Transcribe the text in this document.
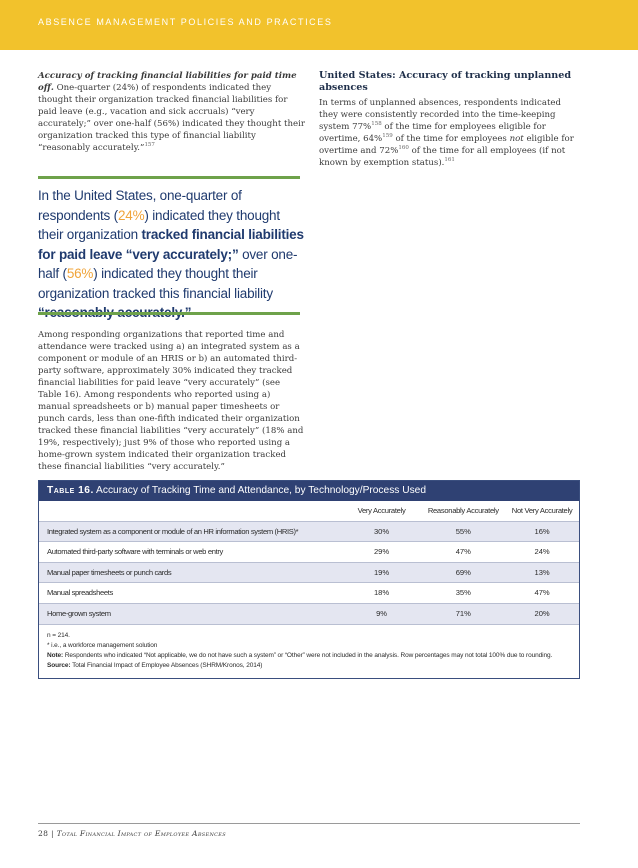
ABSENCE MANAGEMENT POLICIES AND PRACTICES

Accuracy of tracking financial liabilities for paid time off. One-quarter (24%) of respondents indicated they thought their organization tracked financial liabilities for paid leave (e.g., vacation and sick accruals) “very accurately;” over one-half (56%) indicated they thought their organization tracked this type of financial liability “reasonably accurately.”$^{157}$

In the United States, one-quarter of respondents (24%) indicated they thought their organization tracked financial liabilities for paid leave “very accurately;” over one-half (56%) indicated they thought their organization tracked this financial liability

Among responding organizations that reported time and attendance were tracked using a) an integrated system as a component or module of an HRIS or b) an automated third-party software, approximately 30% indicated they tracked financial liabilities for paid leave “very accurately” (see Table 16). Among respondents who reported using a) manual spreadsheets or b) manual paper timesheets or punch cards, less than one-fifth indicated their organization tracked these financial liabilities “very accurately” (18% and 19%, respectively); just 9% of those who reported using a home-grown system indicated their organization tracked these financial liabilities “very accurately.”

United States: Accuracy of tracking unplanned absences

In terms of unplanned absences, respondents indicated they were consistently recorded into the time-keeping system 77%$^{158}$ of the time for employees eligible for overtime, 64%$^{159}$ of the time for employees not eligible for overtime and 72%$^{160}$ of the time for all employees (if not known by exemption status).$^{161}$

Table 16. Accuracy of Tracking Time and Attendance, by Technology/Process Used
	Very Accurately	Reasonably Accurately	Not Very Accurately
Integrated system as a component or module of an HR information system (HRIS)*	30%	55%	16%
Automated third-party software with terminals or web entry	29%	47%	24%
Manual paper timesheets or punch cards	19%	69%	13%
Manual spreadsheets	18%	35%	47%
Home-grown system	9%	71%	20%
n = 214.
* i.e., a workforce management solution
Note: Respondents who indicated “Not applicable, we do not have such a system” or “Other” were not included in the analysis. Row percentages may not total 100% due to rounding.
Source: Total Financial Impact of Employee Absences (SHRM/Kronos, 2014)
28 | Total Financial Impact of Employee Absences
